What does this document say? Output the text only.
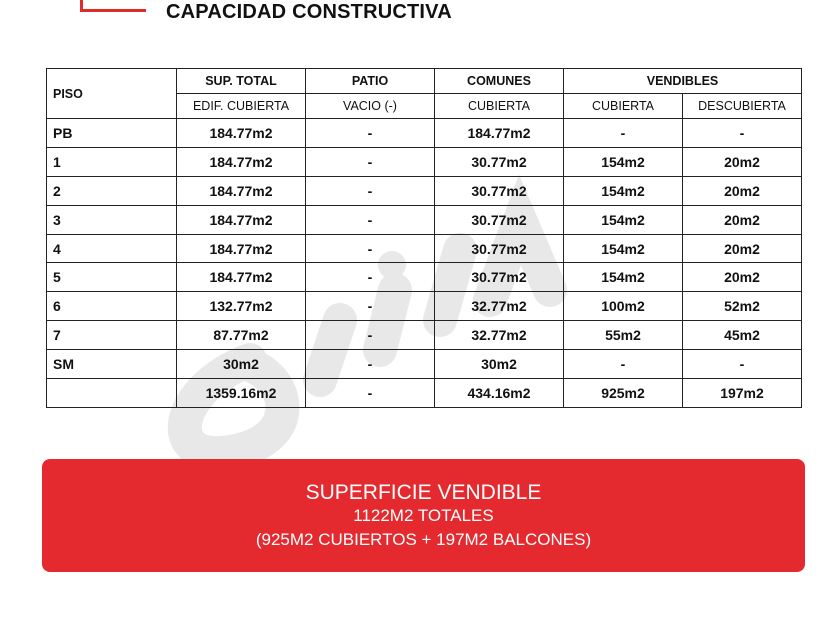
CAPACIDAD CONSTRUCTIVA
PISO	SUP. TOTAL	PATIO	COMUNES	VENDIBLES	
	EDIF. CUBIERTA	VACIO (-)	CUBIERTA	CUBIERTA	DESCUBIERTA
PB	184.77m2	-	184.77m2	-	-
1	184.77m2	-	30.77m2	154m2	20m2
2	184.77m2	-	30.77m2	154m2	20m2
3	184.77m2	-	30.77m2	154m2	20m2
4	184.77m2	-	30.77m2	154m2	20m2
5	184.77m2	-	30.77m2	154m2	20m2
6	132.77m2	-	32.77m2	100m2	52m2
7	87.77m2	-	32.77m2	55m2	45m2
SM	30m2	-	30m2	-	-
	1359.16m2	-	434.16m2	925m2	197m2
SUPERFICIE VENDIBLE
1122M2 TOTALES
(925M2 CUBIERTOS + 197M2 BALCONES)
